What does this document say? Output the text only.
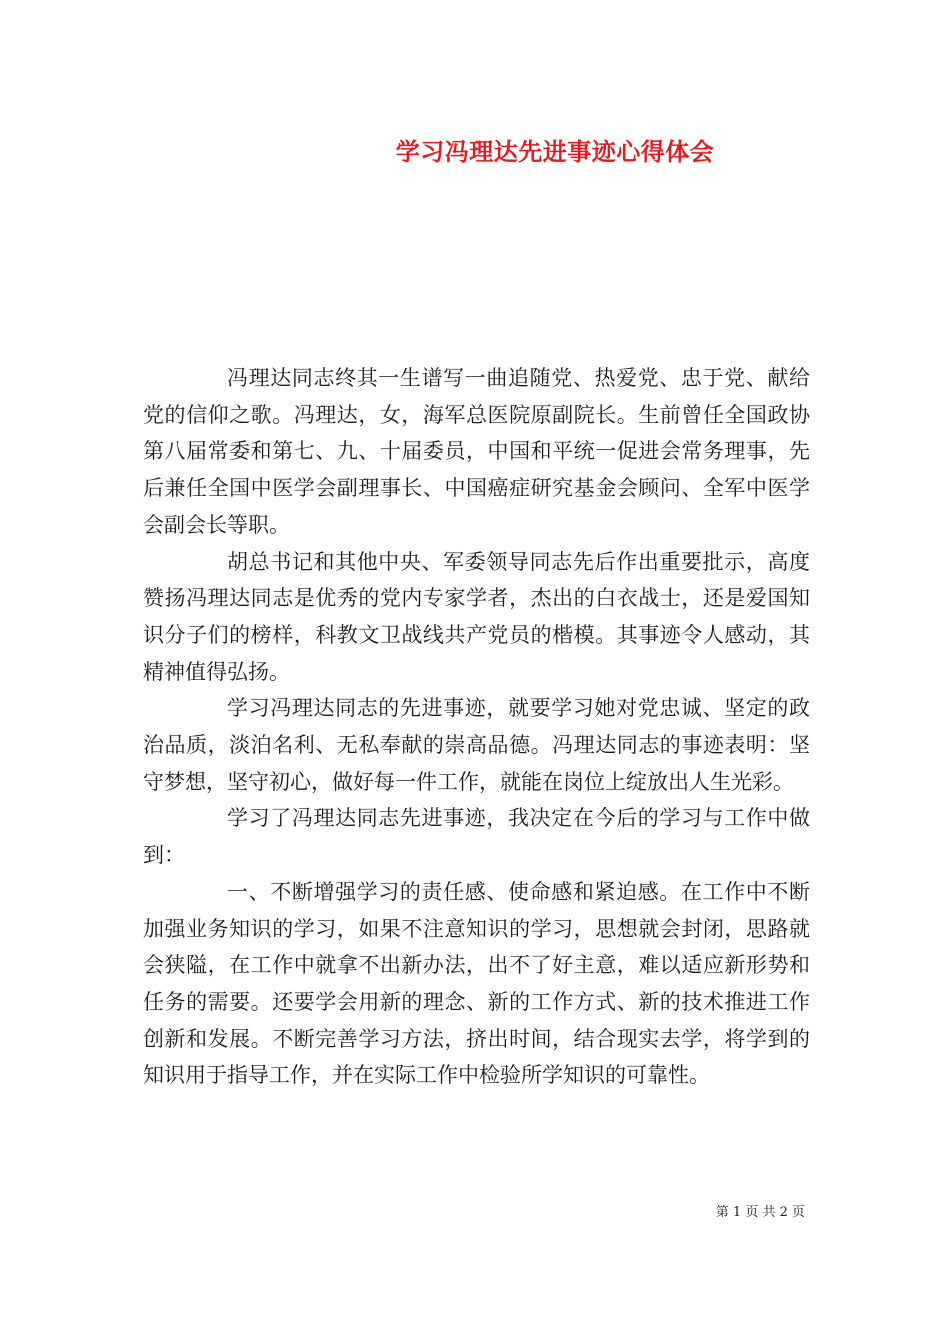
学习冯理达先进事迹心得体会

冯理达同志终其一生谱写一曲追随党、热爱党、忠于党、献给党的信仰之歌。冯理达，女，海军总医院原副院长。生前曾任全国政协第八届常委和第七、九、十届委员，中国和平统一促进会常务理事，先后兼任全国中医学会副理事长、中国癌症研究基金会顾问、全军中医学会副会长等职。

胡总书记和其他中央、军委领导同志先后作出重要批示，高度赞扬冯理达同志是优秀的党内专家学者，杰出的白衣战士，还是爱国知识分子们的榜样，科教文卫战线共产党员的楷模。其事迹令人感动，其精神值得弘扬。

学习冯理达同志的先进事迹，就要学习她对党忠诚、坚定的政治品质，淡泊名利、无私奉献的崇高品德。冯理达同志的事迹表明：坚守梦想，坚守初心，做好每一件工作，就能在岗位上绽放出人生光彩。

学习了冯理达同志先进事迹，我决定在今后的学习与工作中做到：

一、不断增强学习的责任感、使命感和紧迫感。在工作中不断加强业务知识的学习，如果不注意知识的学习，思想就会封闭，思路就会狭隘，在工作中就拿不出新办法，出不了好主意，难以适应新形势和任务的需要。还要学会用新的理念、新的工作方式、新的技术推进工作创新和发展。不断完善学习方法，挤出时间，结合现实去学，将学到的知识用于指导工作，并在实际工作中检验所学知识的可靠性。

第 1 页 共 2 页
